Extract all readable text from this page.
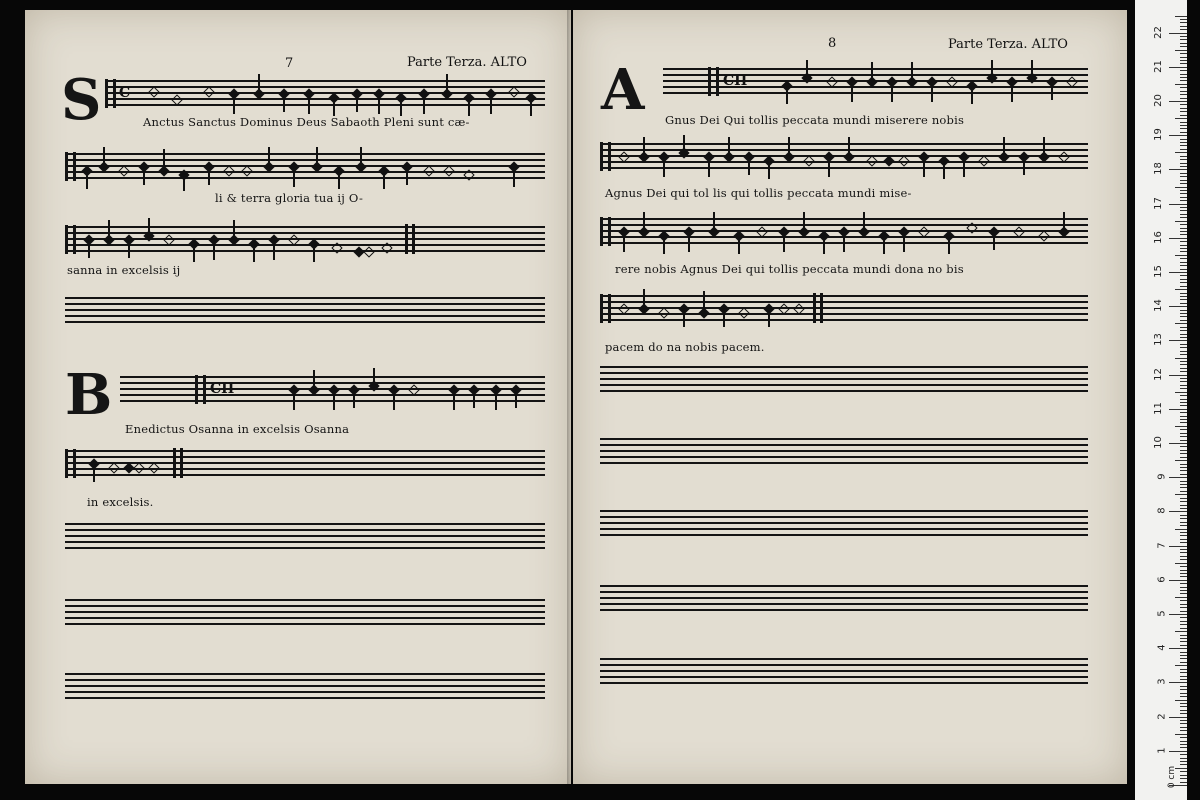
7	Parte Terza. ALTO
S C
Anctus Sanctus Dominus Deus Sabaoth Pleni sunt cæ-
li & terra gloria tua ij O-
sanna in excelsis ij
B	CII
Enedictus Osanna in excelsis Osanna
in excelsis.
8	Parte Terza. ALTO
A	CII
Gnus Dei Qui tollis peccata mundi miserere nobis
Agnus Dei qui tol lis qui tollis peccata mundi mise-
rere nobis Agnus Dei qui tollis peccata mundi dona no bis
pacem do na nobis pacem.
1
2
3
4
5
6
7
8
9
10
11
12
13
14
15
16
17
18
19
20
21
22
0 cm
